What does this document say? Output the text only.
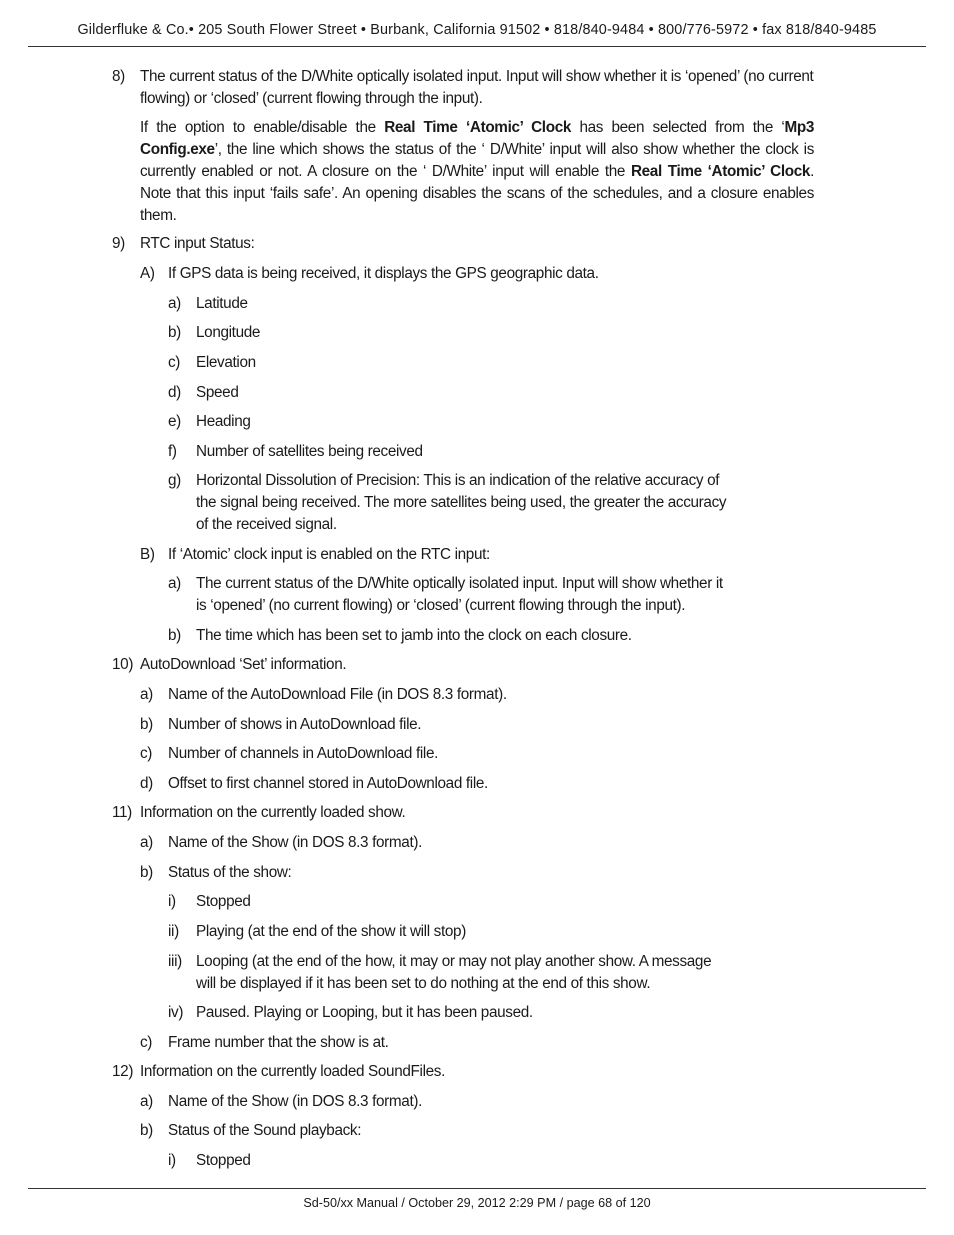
Gilderfluke & Co.• 205 South Flower Street • Burbank, California 91502 • 818/840-9484 • 800/776-5972 • fax 818/840-9485
8) The current status of the D/White optically isolated input. Input will show whether it is ‘opened’ (no current flowing) or ‘closed’ (current flowing through the input).
If the option to enable/disable the Real Time ‘Atomic’ Clock has been selected from the ‘Mp3 Config.exe’, the line which shows the status of the ‘ D/White’ input will also show whether the clock is currently enabled or not. A closure on the ‘ D/White’ input will enable the Real Time ‘Atomic’ Clock. Note that this input ‘fails safe’. An opening disables the scans of the schedules, and a closure enables them.
9) RTC input Status:
A) If GPS data is being received, it displays the GPS geographic data.
a) Latitude
b) Longitude
c) Elevation
d) Speed
e) Heading
f) Number of satellites being received
g) Horizontal Dissolution of Precision: This is an indication of the relative accuracy of
the signal being received. The more satellites being used, the greater the accuracy
of the received signal.
B) If ‘Atomic’ clock input is enabled on the RTC input:
a) The current status of the D/White optically isolated input. Input will show whether it
is ‘opened’ (no current flowing) or ‘closed’ (current flowing through the input).
b) The time which has been set to jamb into the clock on each closure.
10) AutoDownload ‘Set’ information.
a) Name of the AutoDownload File (in DOS 8.3 format).
b) Number of shows in AutoDownload file.
c) Number of channels in AutoDownload file.
d) Offset to first channel stored in AutoDownload file.
11) Information on the currently loaded show.
a) Name of the Show (in DOS 8.3 format).
b) Status of the show:
i) Stopped
ii) Playing (at the end of the show it will stop)
iii) Looping (at the end of the how, it may or may not play another show. A message
will be displayed if it has been set to do nothing at the end of this show.
iv) Paused. Playing or Looping, but it has been paused.
c) Frame number that the show is at.
12) Information on the currently loaded SoundFiles.
a) Name of the Show (in DOS 8.3 format).
b) Status of the Sound playback:
i) Stopped
Sd-50/xx Manual / October 29, 2012 2:29 PM / page 68 of 120
